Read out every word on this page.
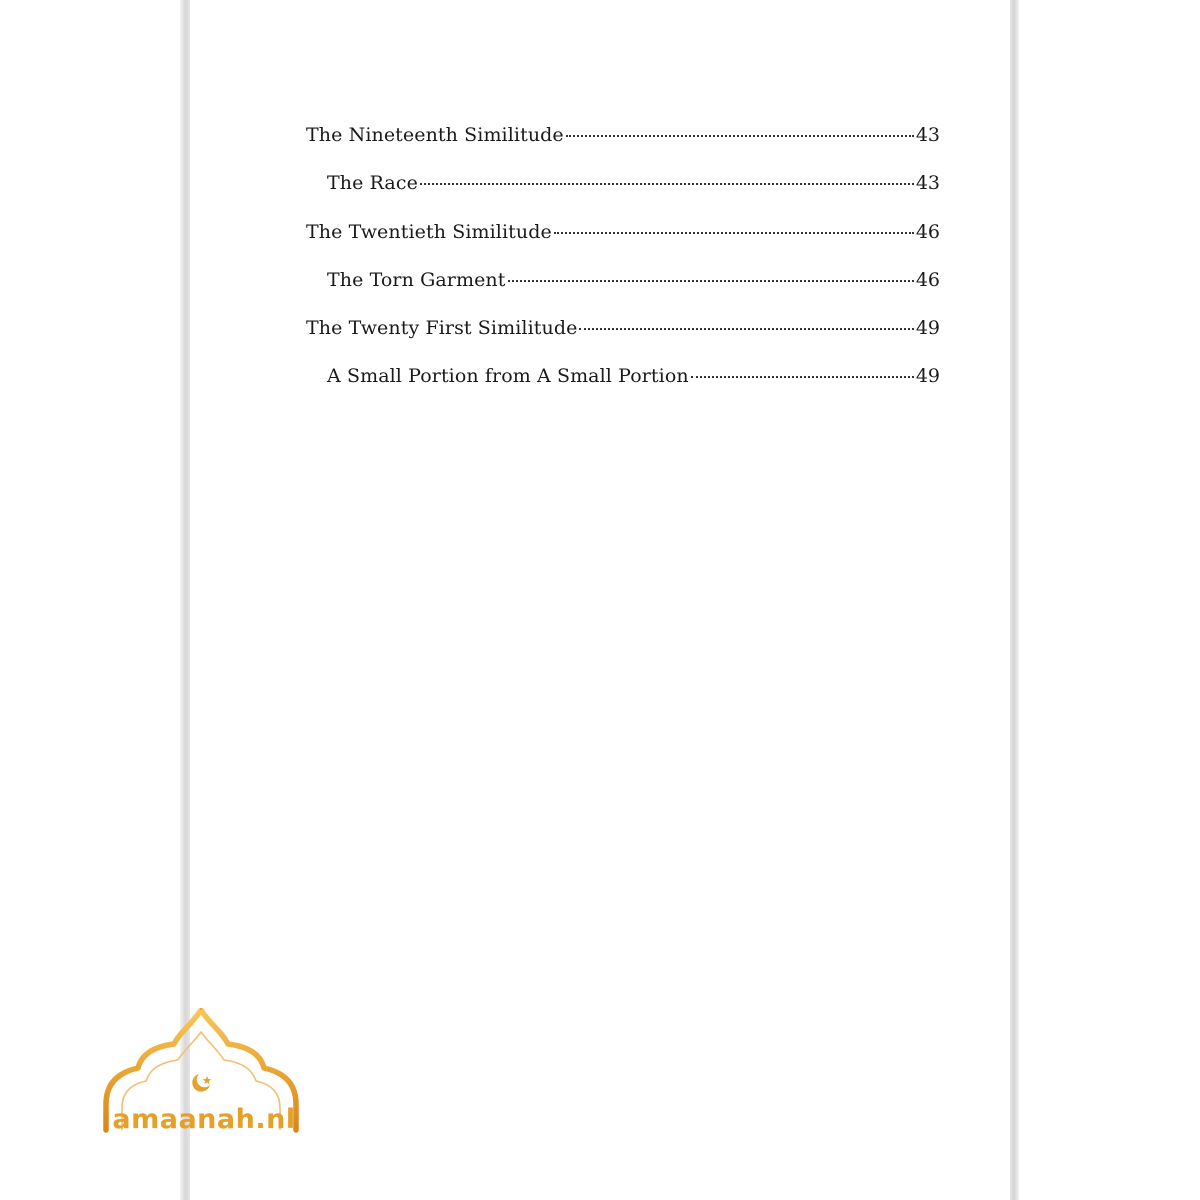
The Nineteenth Similitude	43
The Race	43
The Twentieth Similitude	46
The Torn Garment	46
The Twenty First Similitude	49
A Small Portion from A Small Portion	49
amaanah.nl
